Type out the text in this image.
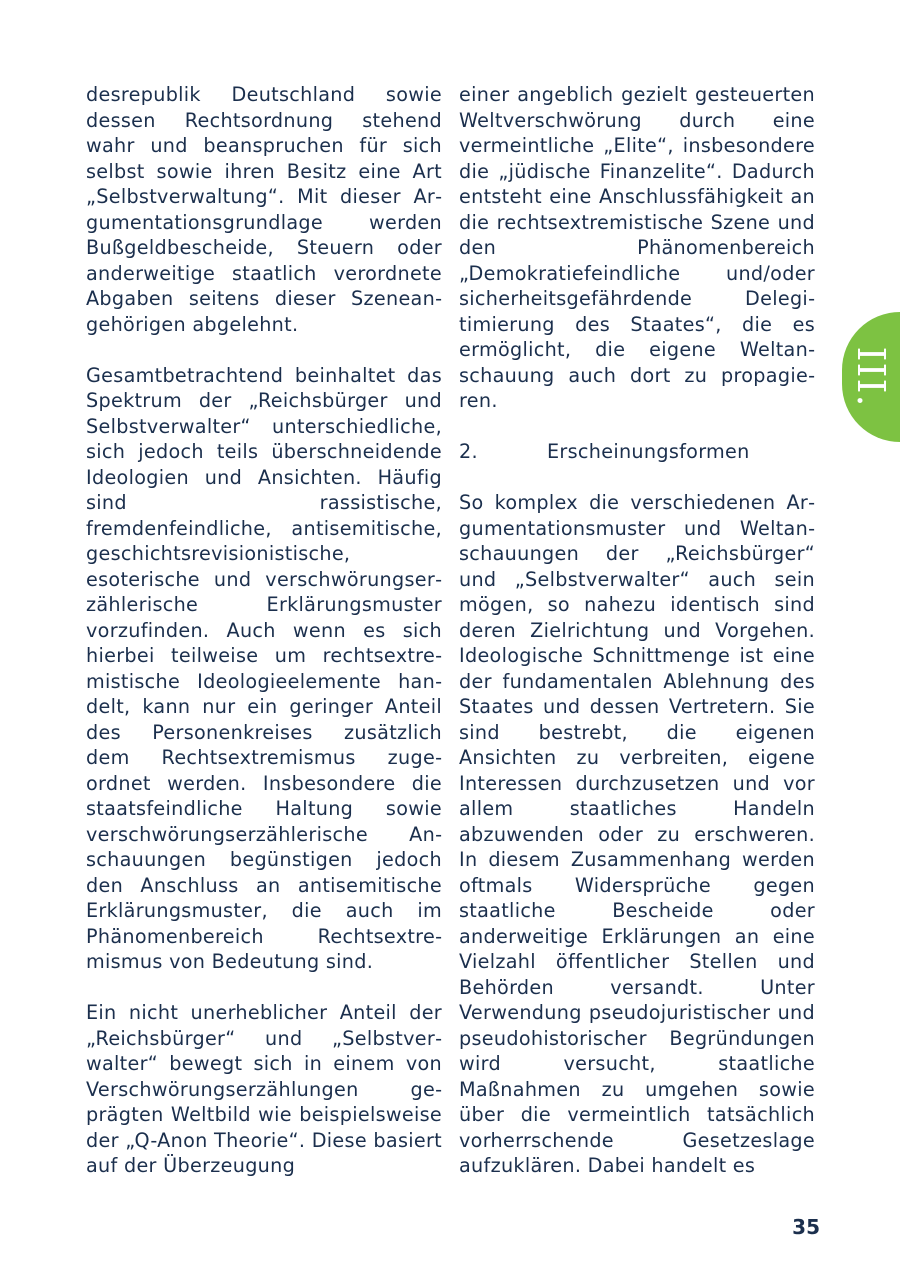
desrepublik Deutschland sowie dessen Rechtsordnung stehend wahr und beanspruchen für sich selbst sowie ihren Besitz eine Art „Selbstverwaltung“. Mit dieser Argumentationsgrundlage werden Bußgeldbescheide, Steuern oder anderweitige staatlich verordnete Abgaben seitens dieser Szeneangehörigen abgelehnt.

Gesamtbetrachtend beinhaltet das Spektrum der „Reichsbürger und Selbstverwalter“ unterschiedliche, sich jedoch teils überschneidende Ideologien und Ansichten. Häufig sind rassistische, fremdenfeindliche, antisemitische, geschichtsrevisionistische, esoterische und verschwörungserzählerische Erklärungsmuster vorzufinden. Auch wenn es sich hierbei teilweise um rechtsextremistische Ideologieelemente handelt, kann nur ein geringer Anteil des Personenkreises zusätzlich dem Rechtsextremismus zugeordnet werden. Insbesondere die staatsfeindliche Haltung sowie verschwörungserzählerische Anschauungen begünstigen jedoch den Anschluss an antisemitische Erklärungsmuster, die auch im Phänomenbereich Rechtsextremismus von Bedeutung sind.

Ein nicht unerheblicher Anteil der „Reichsbürger“ und „Selbstverwalter“ bewegt sich in einem von Verschwörungserzählungen geprägten Weltbild wie beispielsweise der „Q-Anon Theorie“. Diese basiert auf der Überzeugung

einer angeblich gezielt gesteuerten Weltverschwörung durch eine vermeintliche „Elite“, insbesondere die „jüdische Finanzelite“. Dadurch entsteht eine Anschlussfähigkeit an die rechtsextremistische Szene und den Phänomenbereich „Demokratiefeindliche und/oder sicherheitsgefährdende Delegitimierung des Staates“, die es ermöglicht, die eigene Weltanschauung auch dort zu propagieren.

2.	Erscheinungsformen

So komplex die verschiedenen Argumentationsmuster und Weltanschauungen der „Reichsbürger“ und „Selbstverwalter“ auch sein mögen, so nahezu identisch sind deren Zielrichtung und Vorgehen. Ideologische Schnittmenge ist eine der fundamentalen Ablehnung des Staates und dessen Vertretern. Sie sind bestrebt, die eigenen Ansichten zu verbreiten, eigene Interessen durchzusetzen und vor allem staatliches Handeln abzuwenden oder zu erschweren. In diesem Zusammenhang werden oftmals Widersprüche gegen staatliche Bescheide oder anderweitige Erklärungen an eine Vielzahl öffentlicher Stellen und Behörden versandt. Unter Verwendung pseudojuristischer und pseudohistorischer Begründungen wird versucht, staatliche Maßnahmen zu umgehen sowie über die vermeintlich tatsächlich vorherrschende Gesetzeslage aufzuklären. Dabei handelt es

III.
35
